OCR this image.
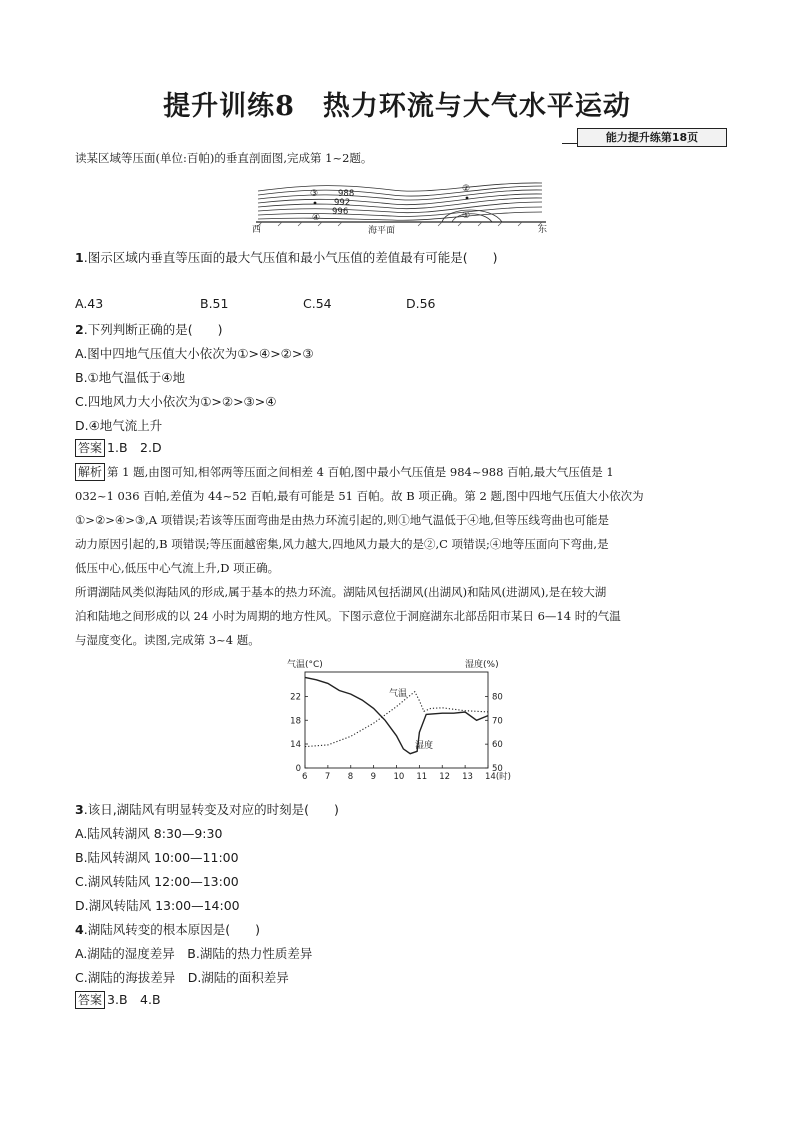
提升训练8　热力环流与大气水平运动
能力提升练第18页
读某区域等压面(单位:百帕)的垂直剖面图,完成第 1~2题。
③
④
②
①
988
992
996
西	东
海平面
1.图示区域内垂直等压面的最大气压值和最小气压值的差值最有可能是(　　)
A.43	B.51	C.54	D.56
2.下列判断正确的是(　　)
A.图中四地气压值大小依次为①>④>②>③
B.①地气温低于④地
C.四地风力大小依次为①>②>③>④
D.④地气流上升
答案 1.B　2.D
解析 第 1 题,由图可知,相邻两等压面之间相差 4 百帕,图中最小气压值是 984~988 百帕,最大气压值是 1
032~1 036 百帕,差值为 44~52 百帕,最有可能是 51 百帕。故 B 项正确。第 2 题,图中四地气压值大小依次为
①>②>④>③,A 项错误;若该等压面弯曲是由热力环流引起的,则①地气温低于④地,但等压线弯曲也可能是
动力原因引起的,B 项错误;等压面越密集,风力越大,四地风力最大的是②,C 项错误;④地等压面向下弯曲,是
低压中心,低压中心气流上升,D 项正确。
所谓湖陆风类似海陆风的形成,属于基本的热力环流。湖陆风包括湖风(出湖风)和陆风(进湖风),是在较大湖
泊和陆地之间形成的以 24 小时为周期的地方性风。下图示意位于洞庭湖东北部岳阳市某日 6—14 时的气温
与湿度变化。读图,完成第 3~4 题。
气温(°C)	湿度(%)
0
14
18
22
50
60
70
80
6 7 8 9 10 11 12 13 14(时)
气温
湿度
3.该日,湖陆风有明显转变及对应的时刻是(　　)
A.陆风转湖风 8:30—9:30
B.陆风转湖风 10:00—11:00
C.湖风转陆风 12:00—13:00
D.湖风转陆风 13:00—14:00
4.湖陆风转变的根本原因是(　　)
A.湖陆的湿度差异　B.湖陆的热力性质差异
C.湖陆的海拔差异　D.湖陆的面积差异
答案 3.B　4.B
